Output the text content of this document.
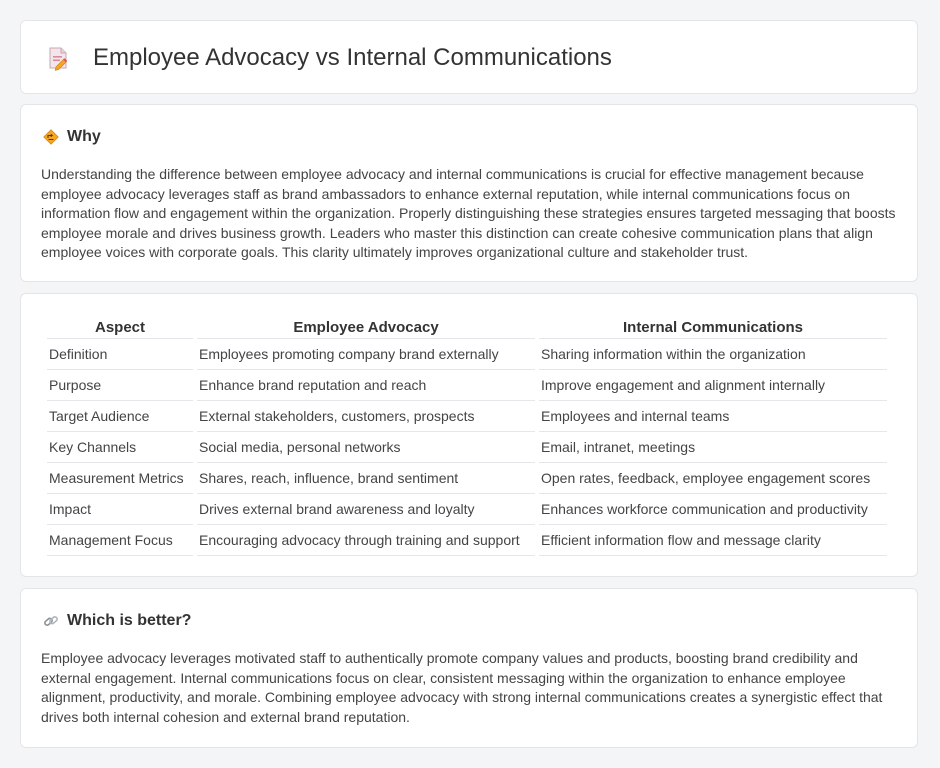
Employee Advocacy vs Internal Communications
Why

Understanding the difference between employee advocacy and internal communications is crucial for effective management because employee advocacy leverages staff as brand ambassadors to enhance external reputation, while internal communications focus on information flow and engagement within the organization. Properly distinguishing these strategies ensures targeted messaging that boosts employee morale and drives business growth. Leaders who master this distinction can create cohesive communication plans that align employee voices with corporate goals. This clarity ultimately improves organizational culture and stakeholder trust.

Aspect	Employee Advocacy	Internal Communications
Definition	Employees promoting company brand externally	Sharing information within the organization
Purpose	Enhance brand reputation and reach	Improve engagement and alignment internally
Target Audience	External stakeholders, customers, prospects	Employees and internal teams
Key Channels	Social media, personal networks	Email, intranet, meetings
Measurement Metrics	Shares, reach, influence, brand sentiment	Open rates, feedback, employee engagement scores
Impact	Drives external brand awareness and loyalty	Enhances workforce communication and productivity
Management Focus	Encouraging advocacy through training and support	Efficient information flow and message clarity
Which is better?

Employee advocacy leverages motivated staff to authentically promote company values and products, boosting brand credibility and external engagement. Internal communications focus on clear, consistent messaging within the organization to enhance employee alignment, productivity, and morale. Combining employee advocacy with strong internal communications creates a synergistic effect that drives both internal cohesion and external brand reputation.
